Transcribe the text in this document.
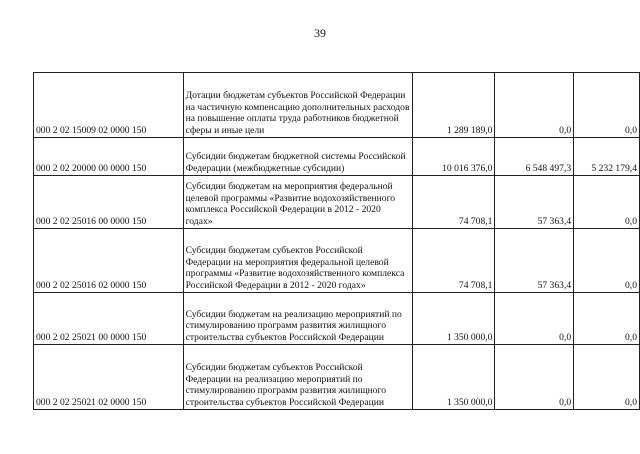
39
000 2 02 15009 02 0000 150	Дотации бюджетам субъектов Российской Федерации на частичную компенсацию дополнительных расходов на повышение оплаты труда работников бюджетной сферы и иные цели	1 289 189,0	0,0	0,0
000 2 02 20000 00 0000 150	Субсидии бюджетам бюджетной системы Российской Федерации (межбюджетные субсидии)	10 016 376,0	6 548 497,3	5 232 179,4
000 2 02 25016 00 0000 150	Субсидии бюджетам на мероприятия федеральной целевой программы «Развитие водохозяйственного комплекса Российской Федерации в 2012 - 2020 годах»	74 708,1	57 363,4	0,0
000 2 02 25016 02 0000 150	Субсидии бюджетам субъектов Российской Федерации на мероприятия федеральной целевой программы «Развитие водохозяйственного комплекса Российской Федерации в 2012 - 2020 годах»	74 708,1	57 363,4	0,0
000 2 02 25021 00 0000 150	Субсидии бюджетам на реализацию мероприятий по стимулированию программ развития жилищного строительства субъектов Российской Федерации	1 350 000,0	0,0	0,0
000 2 02 25021 02 0000 150	Субсидии бюджетам субъектов Российской Федерации на реализацию мероприятий по стимулированию программ развития жилищного строительства субъектов Российской Федерации	1 350 000,0	0,0	0,0
